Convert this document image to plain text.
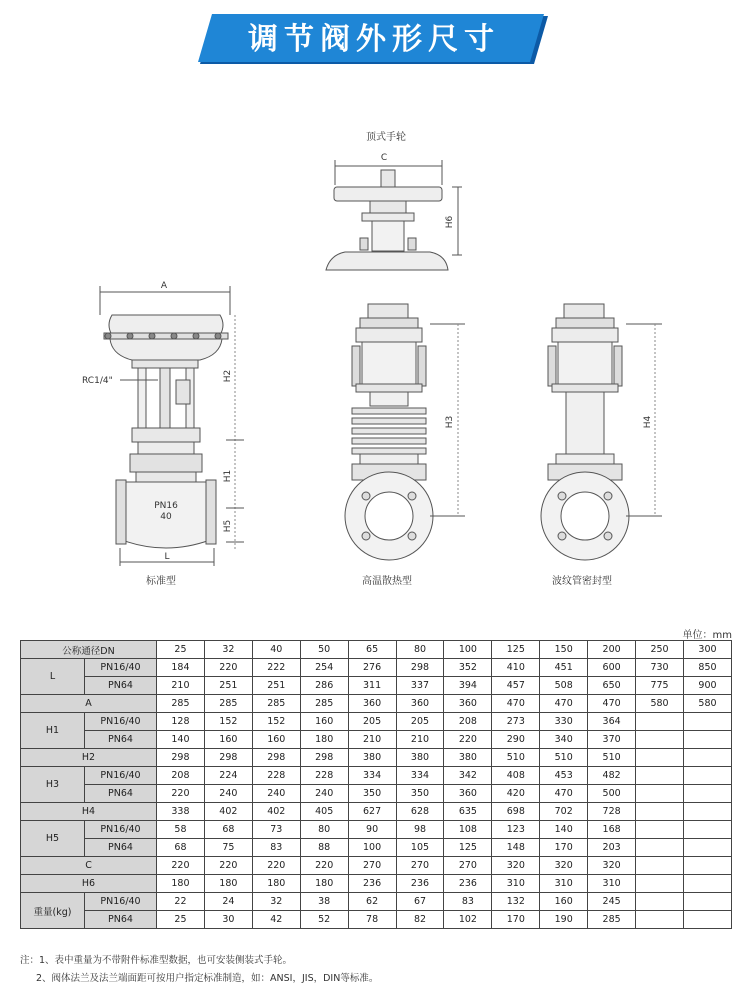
调节阀外形尺寸
C
H6
A
H2
H1
H5
L
RC1/4"
PN16
40
H3	H4
顶式手轮
标准型	高温散热型	波纹管密封型
单位：mm
公称通径DN		25	32	40	50	65	80	100	125	150	200	250	300
L	PN16/40	184	220	222	254	276	298	352	410	451	600	730	850
	PN64	210	251	251	286	311	337	394	457	508	650	775	900
A		285	285	285	285	360	360	360	470	470	470	580	580
H1	PN16/40	128	152	152	160	205	205	208	273	330	364		
	PN64	140	160	160	180	210	210	220	290	340	370		
H2		298	298	298	298	380	380	380	510	510	510		
H3	PN16/40	208	224	228	228	334	334	342	408	453	482		
	PN64	220	240	240	240	350	350	360	420	470	500		
H4		338	402	402	405	627	628	635	698	702	728		
H5	PN16/40	58	68	73	80	90	98	108	123	140	168		
	PN64	68	75	83	88	100	105	125	148	170	203		
C		220	220	220	220	270	270	270	320	320	320		
H6		180	180	180	180	236	236	236	310	310	310		
重量(kg)	PN16/40	22	24	32	38	62	67	83	132	160	245		
	PN64	25	30	42	52	78	82	102	170	190	285		
注：1、表中重量为不带附件标准型数据，也可安装侧装式手轮。
2、阀体法兰及法兰端面距可按用户指定标准制造，如：ANSI，JIS，DIN等标准。
